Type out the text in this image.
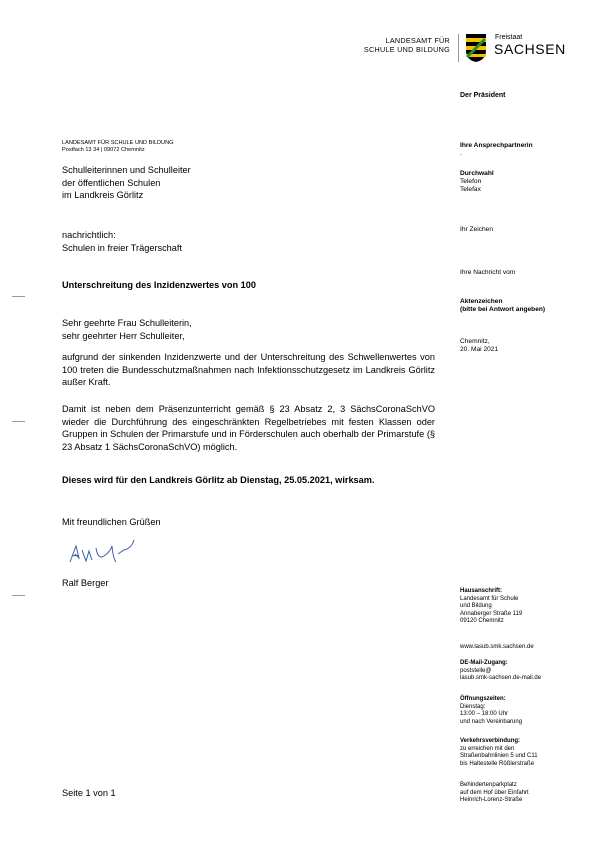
LANDESAMT FÜR
SCHULE UND BILDUNG
Freistaat
SACHSEN
Der Präsident
Ihre Ansprechpartnerin
.
Durchwahl
Telefon
Telefax
Ihr Zeichen
Ihre Nachricht vom
Aktenzeichen
(bitte bei Antwort angeben)
Chemnitz,
20. Mai 2021
Hausanschrift:
Landesamt für Schule
und Bildung
Annaberger Straße 119
09120 Chemnitz
www.lasub.smk.sachsen.de
DE-Mail-Zugang:
poststelle@
lasub.smk-sachsen.de-mail.de
Öffnungszeiten:
Dienstag:
13:00 – 18:00 Uhr
und nach Vereinbarung
Verkehrsverbindung:
zu erreichen mit den
Straßenbahnlinien 5 und C11
bis Haltestelle Rößlerstraße
Behindertenparkplatz
auf dem Hof über Einfahrt
Heinrich-Lorenz-Straße
LANDESAMT FÜR SCHULE UND BILDUNG
Postfach 13 34 | 09072 Chemnitz
Schulleiterinnen und Schulleiter
der öffentlichen Schulen
im Landkreis Görlitz
nachrichtlich:
Schulen in freier Trägerschaft
Unterschreitung des Inzidenzwertes von 100
Sehr geehrte Frau Schulleiterin,
sehr geehrter Herr Schulleiter,
aufgrund der sinkenden Inzidenzwerte und der Unterschreitung des Schwellenwertes von 100 treten die Bundesschutzmaßnahmen nach Infektionsschutzgesetz im Landkreis Görlitz außer Kraft.
Damit ist neben dem Präsenzunterricht gemäß § 23 Absatz 2, 3 SächsCoronaSchVO wieder die Durchführung des eingeschränkten Regelbetriebes mit festen Klassen oder Gruppen in Schulen der Primarstufe und in Förderschulen auch oberhalb der Primarstufe (§ 23 Absatz 1 SächsCoronaSchVO) möglich.
Dieses wird für den Landkreis Görlitz ab Dienstag, 25.05.2021, wirksam.
Mit freundlichen Grüßen
Ralf Berger
Seite 1 von 1
